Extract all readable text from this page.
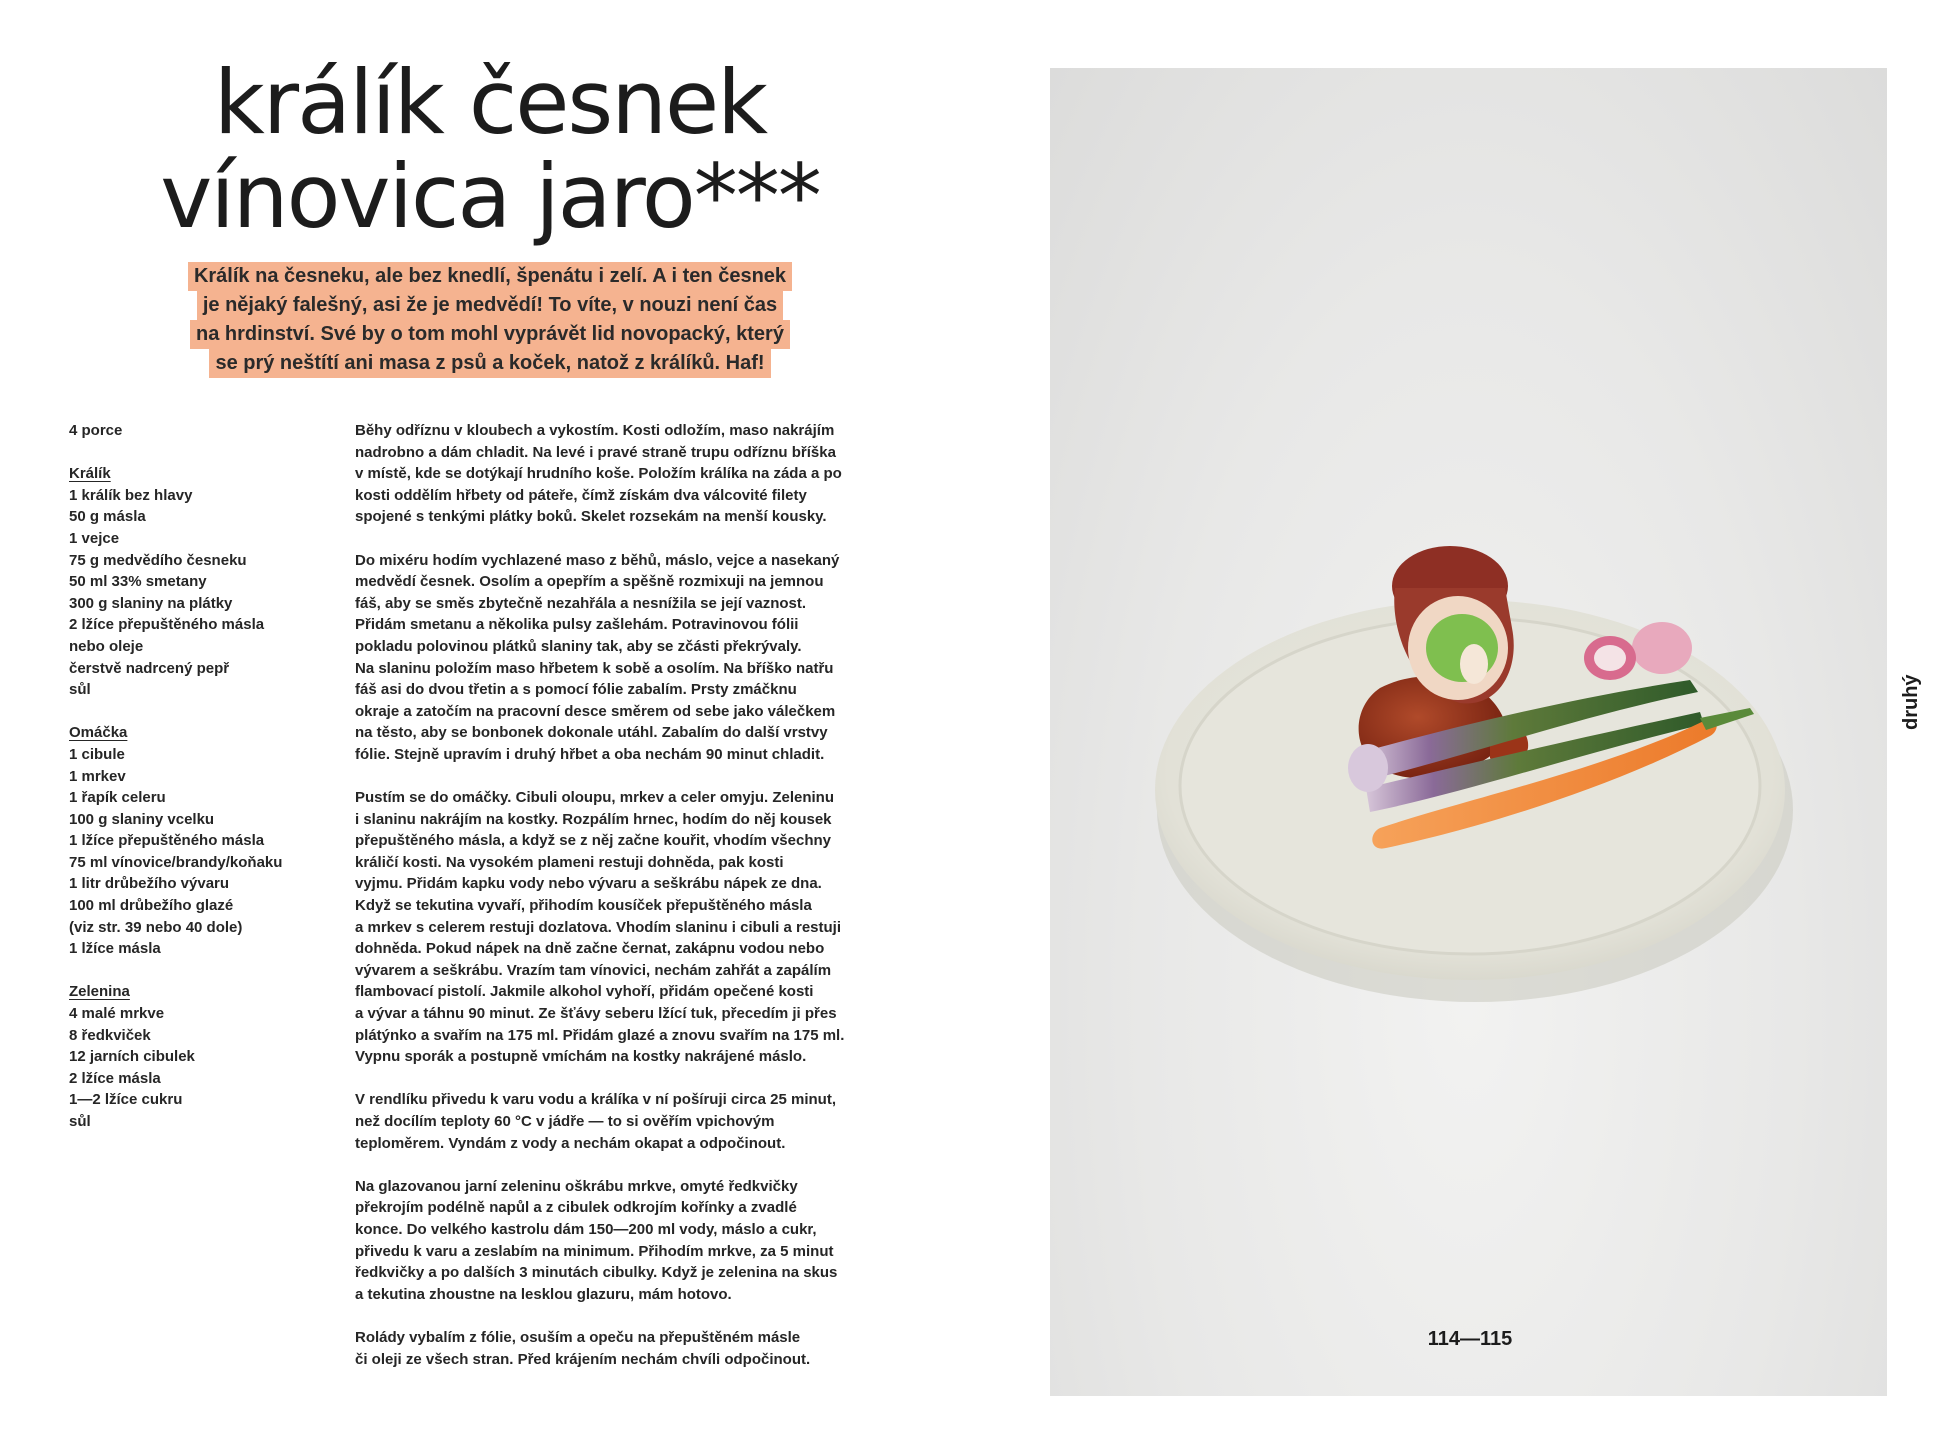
králík česnek
vínovica jaro***

Králík na česneku, ale bez knedlí, špenátu i zelí. A i ten česnek
je nějaký falešný, asi že je medvědí! To víte, v nouzi není čas
na hrdinství. Své by o tom mohl vyprávět lid novopacký, který
se prý neštítí ani masa z psů a koček, natož z králíků. Haf!

4 porce
Králík
1 králík bez hlavy
50 g másla
1 vejce
75 g medvědího česneku
50 ml 33% smetany
300 g slaniny na plátky
2 lžíce přepuštěného másla
nebo oleje
čerstvě nadrcený pepř
sůl
Omáčka
1 cibule
1 mrkev
1 řapík celeru
100 g slaniny vcelku
1 lžíce přepuštěného másla
75 ml vínovice/brandy/koňaku
1 litr drůbežího vývaru
100 ml drůbežího glazé
(viz str. 39 nebo 40 dole)
1 lžíce másla
Zelenina
4 malé mrkve
8 ředkviček
12 jarních cibulek
2 lžíce másla
1—2 lžíce cukru
sůl

Běhy odříznu v kloubech a vykostím. Kosti odložím, maso nakrájím
nadrobno a dám chladit. Na levé i pravé straně trupu odříznu bříška
v místě, kde se dotýkají hrudního koše. Položím králíka na záda a po
kosti oddělím hřbety od páteře, čímž získám dva válcovité filety
spojené s tenkými plátky boků. Skelet rozsekám na menší kousky.

Do mixéru hodím vychlazené maso z běhů, máslo, vejce a nasekaný
medvědí česnek. Osolím a opepřím a spěšně rozmixuji na jemnou
fáš, aby se směs zbytečně nezahřála a nesnížila se její vaznost.
Přidám smetanu a několika pulsy zašlehám. Potravinovou fólii
pokladu polovinou plátků slaniny tak, aby se zčásti překrývaly.
Na slaninu položím maso hřbetem k sobě a osolím. Na bříško natřu
fáš asi do dvou třetin a s pomocí fólie zabalím. Prsty zmáčknu
okraje a zatočím na pracovní desce směrem od sebe jako válečkem
na těsto, aby se bonbonek dokonale utáhl. Zabalím do další vrstvy
fólie. Stejně upravím i druhý hřbet a oba nechám 90 minut chladit.

Pustím se do omáčky. Cibuli oloupu, mrkev a celer omyju. Zeleninu
i slaninu nakrájím na kostky. Rozpálím hrnec, hodím do něj kousek
přepuštěného másla, a když se z něj začne kouřit, vhodím všechny
králičí kosti. Na vysokém plameni restuji dohněda, pak kosti
vyjmu. Přidám kapku vody nebo vývaru a seškrábu nápek ze dna.
Když se tekutina vyvaří, přihodím kousíček přepuštěného másla
a mrkev s celerem restuji dozlatova. Vhodím slaninu i cibuli a restuji
dohněda. Pokud nápek na dně začne černat, zakápnu vodou nebo
vývarem a seškrábu. Vrazím tam vínovici, nechám zahřát a zapálím
flambovací pistolí. Jakmile alkohol vyhoří, přidám opečené kosti
a vývar a táhnu 90 minut. Ze šťávy seberu lžící tuk, přecedím ji přes
plátýnko a svařím na 175 ml. Přidám glazé a znovu svařím na 175 ml.
Vypnu sporák a postupně vmíchám na kostky nakrájené máslo.

V rendlíku přivedu k varu vodu a králíka v ní pošíruji circa 25 minut,
než docílím teploty 60 °C v jádře — to si ověřím vpichovým
teploměrem. Vyndám z vody a nechám okapat a odpočinout.

Na glazovanou jarní zeleninu oškrábu mrkve, omyté ředkvičky
překrojím podélně napůl a z cibulek odkrojím kořínky a zvadlé
konce. Do velkého kastrolu dám 150—200 ml vody, máslo a cukr,
přivedu k varu a zeslabím na minimum. Přihodím mrkve, za 5 minut
ředkvičky a po dalších 3 minutách cibulky. Když je zelenina na skus
a tekutina zhoustne na lesklou glazuru, mám hotovo.

Rolády vybalím z fólie, osuším a opeču na přepuštěném másle
či oleji ze všech stran. Před krájením nechám chvíli odpočinout.

114—115
druhý
